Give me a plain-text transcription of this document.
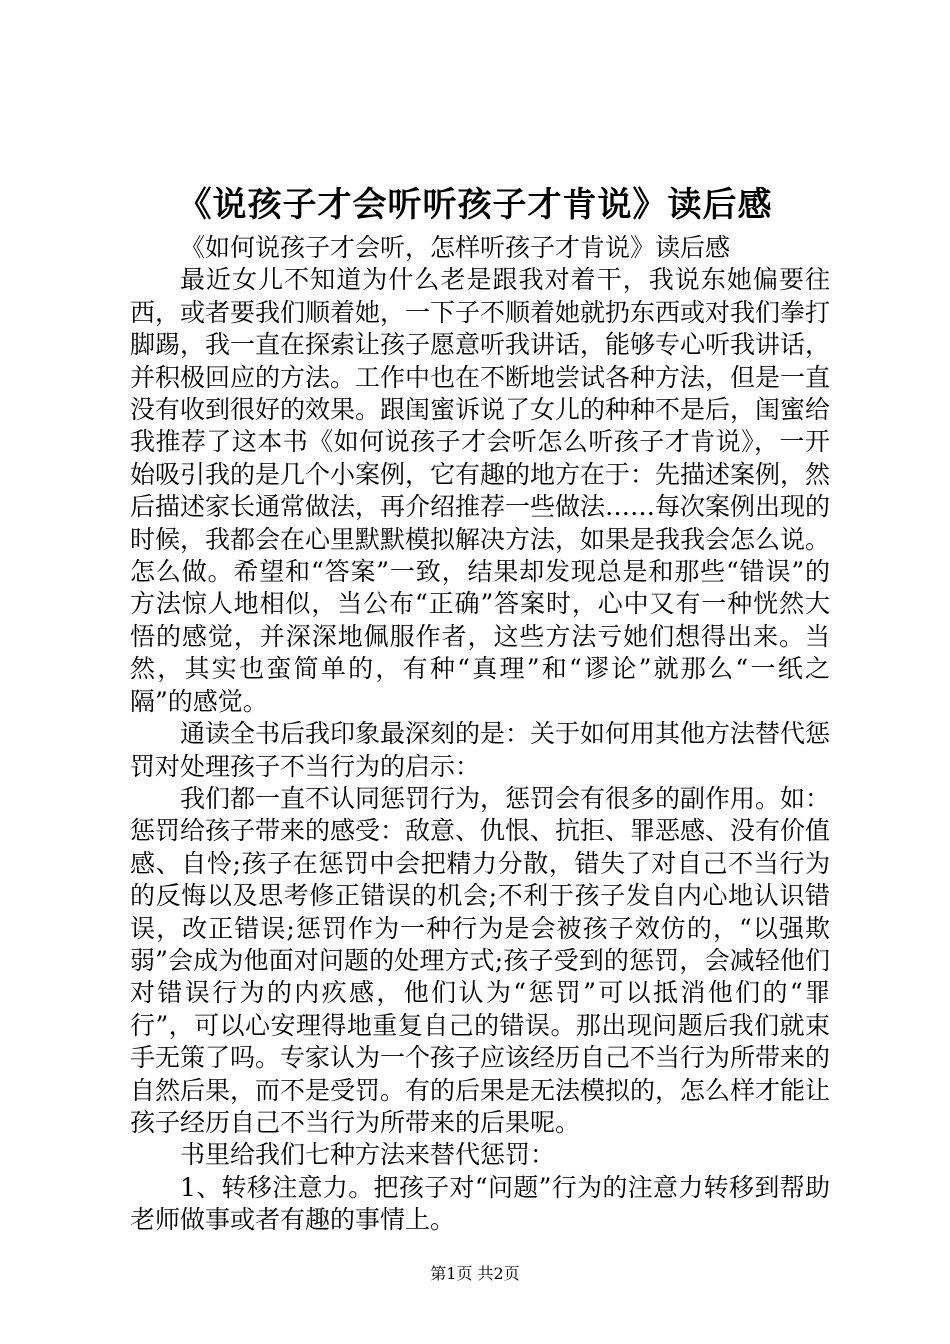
《说孩子才会听听孩子才肯说》读后感

《如何说孩子才会听，怎样听孩子才肯说》读后感

最近女儿不知道为什么老是跟我对着干，我说东她偏要往西，或者要我们顺着她，一下子不顺着她就扔东西或对我们拳打脚踢，我一直在探索让孩子愿意听我讲话，能够专心听我讲话，并积极回应的方法。工作中也在不断地尝试各种方法，但是一直没有收到很好的效果。跟闺蜜诉说了女儿的种种不是后，闺蜜给我推荐了这本书《如何说孩子才会听怎么听孩子才肯说》，一开始吸引我的是几个小案例，它有趣的地方在于：先描述案例，然后描述家长通常做法，再介绍推荐一些做法……每次案例出现的时候，我都会在心里默默模拟解决方法，如果是我我会怎么说。怎么做。希望和“答案”一致，结果却发现总是和那些“错误”的方法惊人地相似，当公布“正确”答案时，心中又有一种恍然大悟的感觉，并深深地佩服作者，这些方法亏她们想得出来。当然，其实也蛮简单的，有种“真理”和“谬论”就那么“一纸之隔”的感觉。

通读全书后我印象最深刻的是：关于如何用其他方法替代惩罚对处理孩子不当行为的启示：

我们都一直不认同惩罚行为，惩罚会有很多的副作用。如：惩罚给孩子带来的感受：敌意、仇恨、抗拒、罪恶感、没有价值感、自怜;孩子在惩罚中会把精力分散，错失了对自己不当行为的反悔以及思考修正错误的机会;不利于孩子发自内心地认识错误，改正错误;惩罚作为一种行为是会被孩子效仿的，“以强欺弱”会成为他面对问题的处理方式;孩子受到的惩罚，会减轻他们对错误行为的内疚感，他们认为“惩罚”可以抵消他们的“罪行”，可以心安理得地重复自己的错误。那出现问题后我们就束手无策了吗。专家认为一个孩子应该经历自己不当行为所带来的自然后果，而不是受罚。有的后果是无法模拟的，怎么样才能让孩子经历自己不当行为所带来的后果呢。

书里给我们七种方法来替代惩罚：

1、转移注意力。把孩子对“问题”行为的注意力转移到帮助老师做事或者有趣的事情上。

第1页 共2页
